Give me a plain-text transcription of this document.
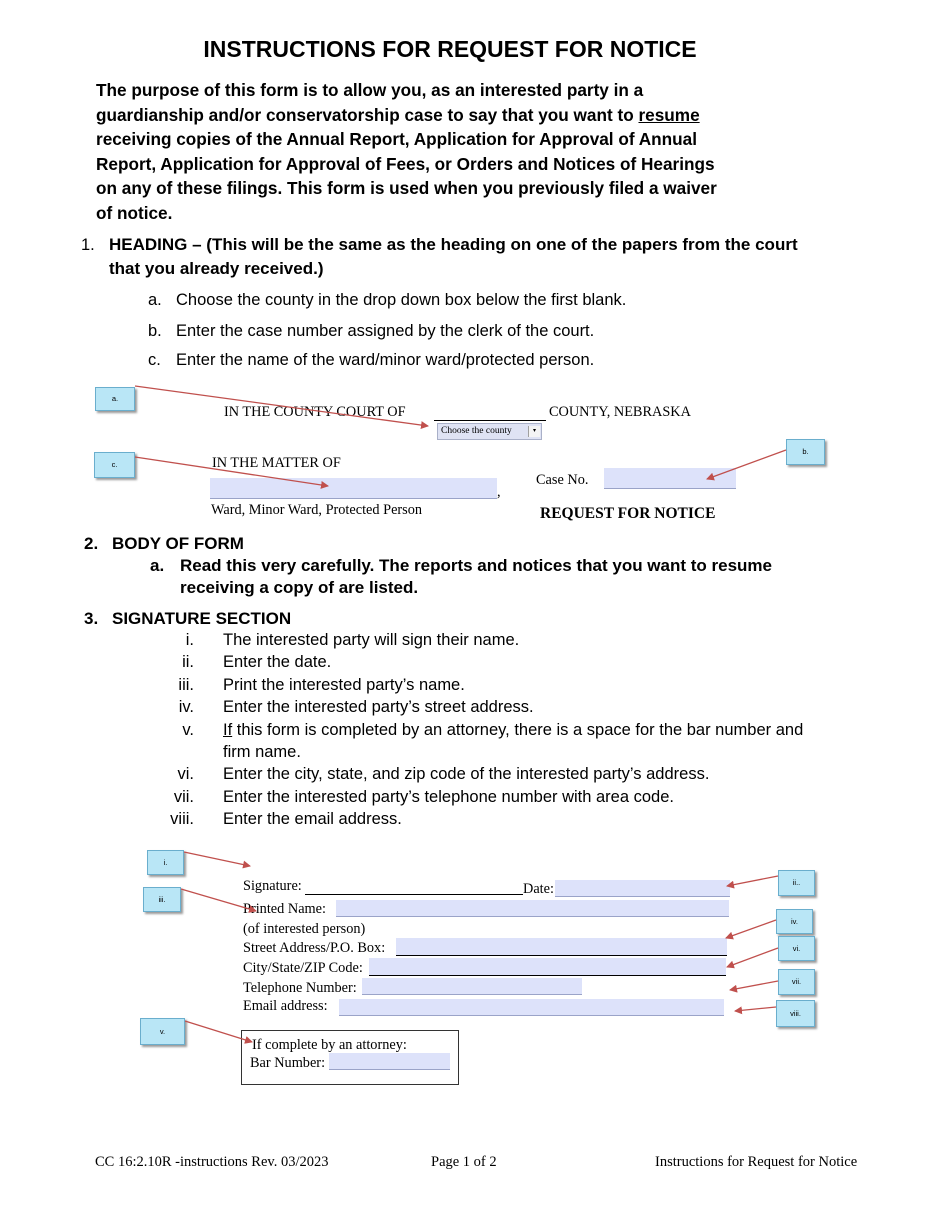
INSTRUCTIONS FOR REQUEST FOR NOTICE
The purpose of this form is to allow you, as an interested party in a
guardianship and/or conservatorship case to say that you want to resume
receiving copies of the Annual Report, Application for Approval of Annual
Report, Application for Approval of Fees, or Orders and Notices of Hearings
on any of these filings. This form is used when you previously filed a waiver
of notice.
1. HEADING – (This will be the same as the heading on one of the papers from the court
that you already received.)
a. Choose the county in the drop down box below the first blank.
b. Enter the case number assigned by the clerk of the court.
c. Enter the name of the ward/minor ward/protected person.
IN THE COUNTY COURT OF	COUNTY, NEBRASKA
Choose the county	▾
IN THE MATTER OF
,
Ward, Minor Ward, Protected Person
Case No.
REQUEST FOR NOTICE
a.
b.
c.
2. BODY OF FORM
a. Read this very carefully. The reports and notices that you want to resume
receiving a copy of are listed.
3. SIGNATURE SECTION
i. The interested party will sign their name.
ii. Enter the date.
iii. Print the interested party’s name.
iv. Enter the interested party’s street address.
v. If this form is completed by an attorney, there is a space for the bar number and
firm name.
vi. Enter the city, state, and zip code of the interested party’s address.
vii. Enter the interested party’s telephone number with area code.
viii. Enter the email address.
Signature:	Date:
Printed Name:
(of interested person)
Street Address/P.O. Box:
City/State/ZIP Code:
Telephone Number:
Email address:
If complete by an attorney:
Bar Number:
i.
iii.
ii..
iv.
vi.
vii.
viii.
v.
CC 16:2.10R -instructions Rev. 03/2023	Page 1 of 2	Instructions for Request for Notice
